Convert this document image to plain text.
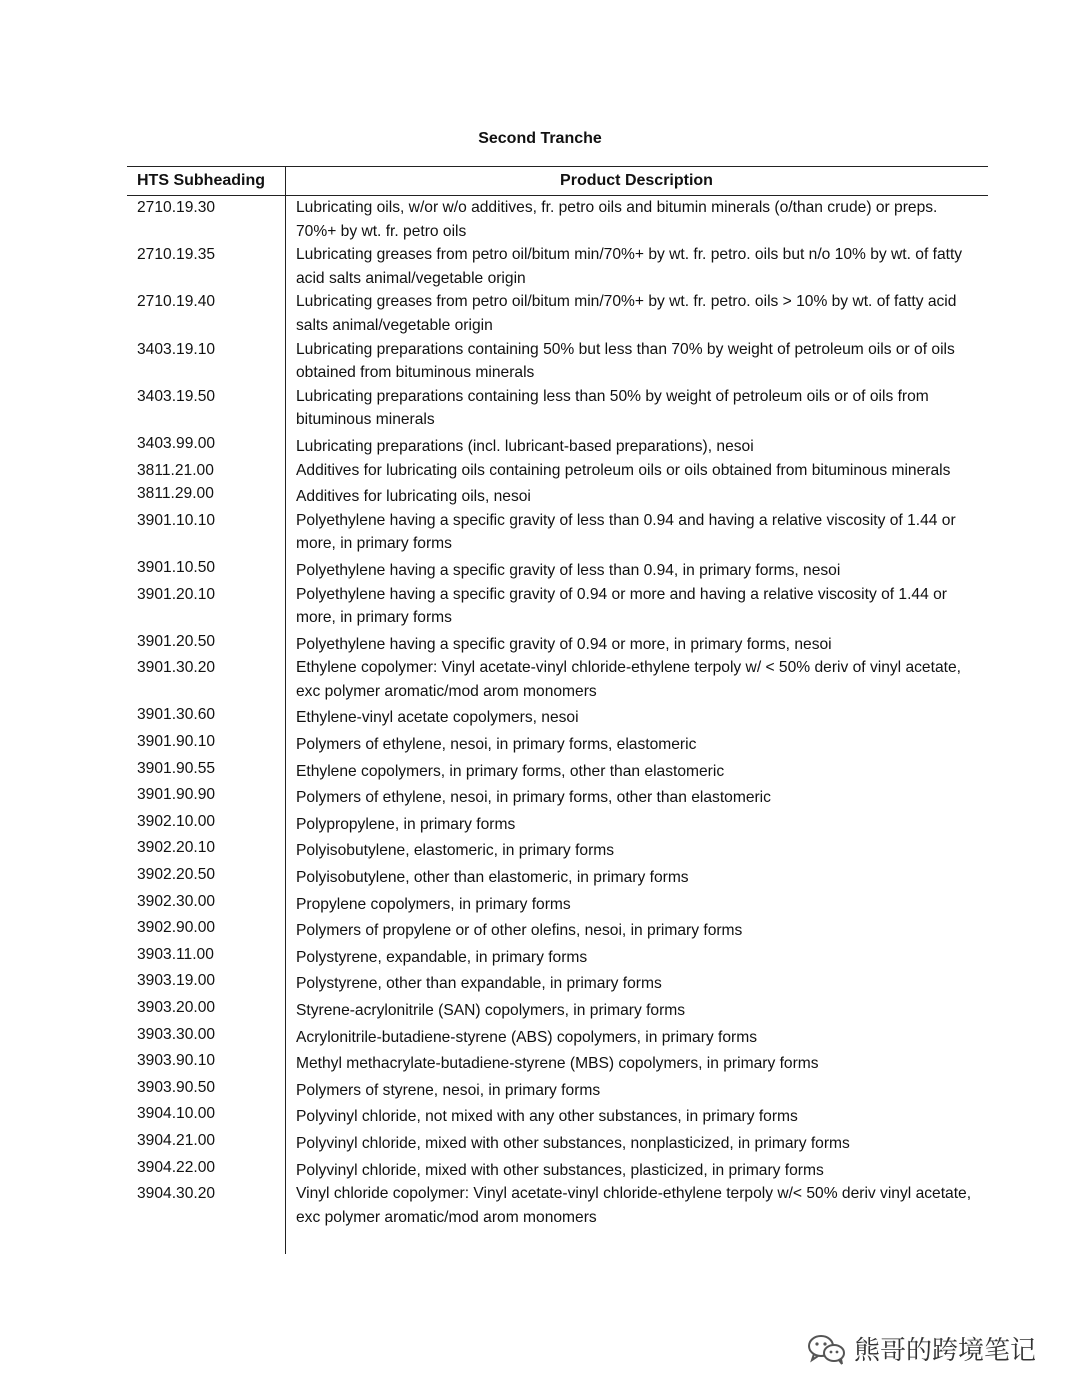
Second Tranche
HTS Subheading	Product Description
2710.19.30	Lubricating oils, w/or w/o additives, fr. petro oils and bitumin minerals (o/than crude) or preps. 70%+ by wt. fr. petro oils
2710.19.35	Lubricating greases from petro oil/bitum min/70%+ by wt. fr. petro. oils but n/o 10% by wt. of fatty acid salts animal/vegetable origin
2710.19.40	Lubricating greases from petro oil/bitum min/70%+ by wt. fr. petro. oils > 10% by wt. of fatty acid salts animal/vegetable origin
3403.19.10	Lubricating preparations containing 50% but less than 70% by weight of petroleum oils or of oils obtained from bituminous minerals
3403.19.50	Lubricating preparations containing less than 50% by weight of petroleum oils or of oils from bituminous minerals
3403.99.00	Lubricating preparations (incl. lubricant-based preparations), nesoi
3811.21.00	Additives for lubricating oils containing petroleum oils or oils obtained from bituminous minerals
3811.29.00	Additives for lubricating oils, nesoi
3901.10.10	Polyethylene having a specific gravity of less than 0.94 and having a relative viscosity of 1.44 or more, in primary forms
3901.10.50	Polyethylene having a specific gravity of less than 0.94, in primary forms, nesoi
3901.20.10	Polyethylene having a specific gravity of 0.94 or more and having a relative viscosity of 1.44 or more, in primary forms
3901.20.50	Polyethylene having a specific gravity of 0.94 or more, in primary forms, nesoi
3901.30.20	Ethylene copolymer: Vinyl acetate-vinyl chloride-ethylene terpoly w/ < 50% deriv of vinyl acetate, exc polymer aromatic/mod arom monomers
3901.30.60	Ethylene-vinyl acetate copolymers, nesoi
3901.90.10	Polymers of ethylene, nesoi, in primary forms, elastomeric
3901.90.55	Ethylene copolymers, in primary forms, other than elastomeric
3901.90.90	Polymers of ethylene, nesoi, in primary forms, other than elastomeric
3902.10.00	Polypropylene, in primary forms
3902.20.10	Polyisobutylene, elastomeric, in primary forms
3902.20.50	Polyisobutylene, other than elastomeric, in primary forms
3902.30.00	Propylene copolymers, in primary forms
3902.90.00	Polymers of propylene or of other olefins, nesoi, in primary forms
3903.11.00	Polystyrene, expandable, in primary forms
3903.19.00	Polystyrene, other than expandable, in primary forms
3903.20.00	Styrene-acrylonitrile (SAN) copolymers, in primary forms
3903.30.00	Acrylonitrile-butadiene-styrene (ABS) copolymers, in primary forms
3903.90.10	Methyl methacrylate-butadiene-styrene (MBS) copolymers, in primary forms
3903.90.50	Polymers of styrene, nesoi, in primary forms
3904.10.00	Polyvinyl chloride, not mixed with any other substances, in primary forms
3904.21.00	Polyvinyl chloride, mixed with other substances, nonplasticized, in primary forms
3904.22.00	Polyvinyl chloride, mixed with other substances, plasticized, in primary forms
3904.30.20	Vinyl chloride copolymer: Vinyl acetate-vinyl chloride-ethylene terpoly w/< 50% deriv vinyl acetate, exc polymer aromatic/mod arom monomers
熊哥的跨境笔记
